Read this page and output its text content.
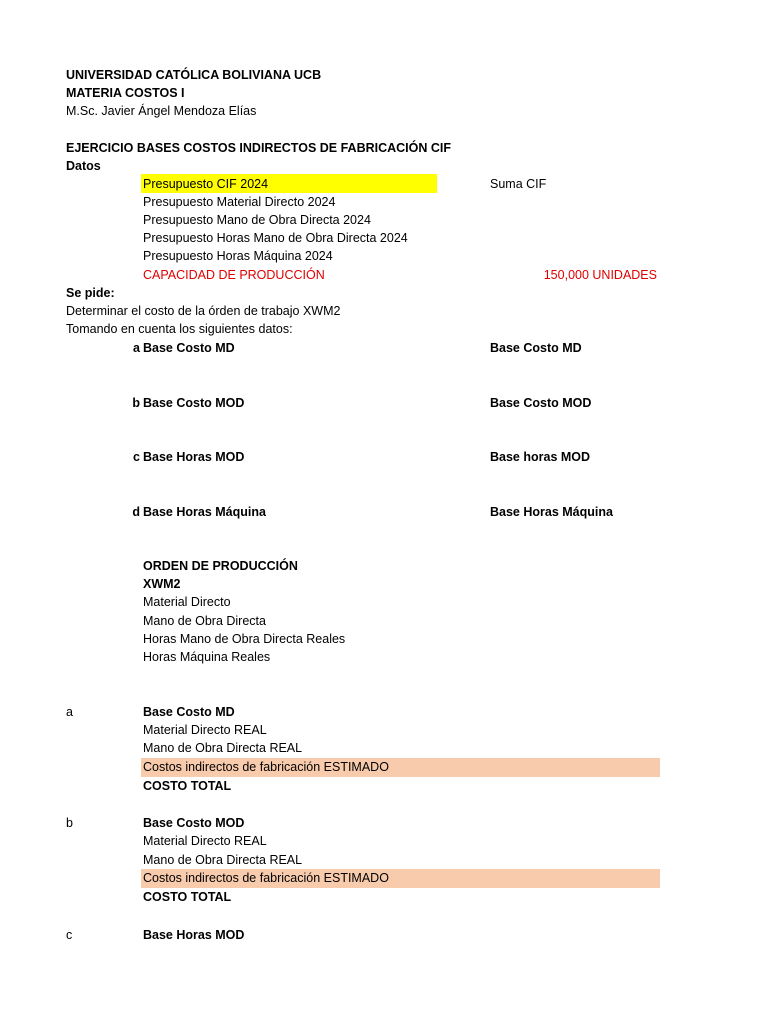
UNIVERSIDAD CATÓLICA BOLIVIANA UCB
MATERIA COSTOS I
M.Sc. Javier Ángel Mendoza Elías
EJERCICIO BASES COSTOS INDIRECTOS DE FABRICACIÓN CIF
Datos
Presupuesto CIF 2024	Suma CIF
Presupuesto Material Directo 2024
Presupuesto Mano de Obra Directa 2024
Presupuesto Horas Mano de Obra Directa 2024
Presupuesto Horas Máquina 2024
CAPACIDAD DE PRODUCCIÓN	150,000 UNIDADES
Se pide:
Determinar el costo de la órden de trabajo XWM2
Tomando en cuenta los siguientes datos:
a Base Costo MD	Base Costo MD
b Base Costo MOD	Base Costo MOD
c Base Horas MOD	Base horas MOD
d Base Horas Máquina	Base Horas Máquina
ORDEN DE PRODUCCIÓN
XWM2
Material Directo
Mano de Obra Directa
Horas Mano de Obra Directa Reales
Horas Máquina Reales
a	Base Costo MD
Material Directo REAL
Mano de Obra Directa REAL
Costos indirectos de fabricación ESTIMADO
COSTO TOTAL
b	Base Costo MOD
Material Directo REAL
Mano de Obra Directa REAL
Costos indirectos de fabricación ESTIMADO
COSTO TOTAL
c	Base Horas MOD
